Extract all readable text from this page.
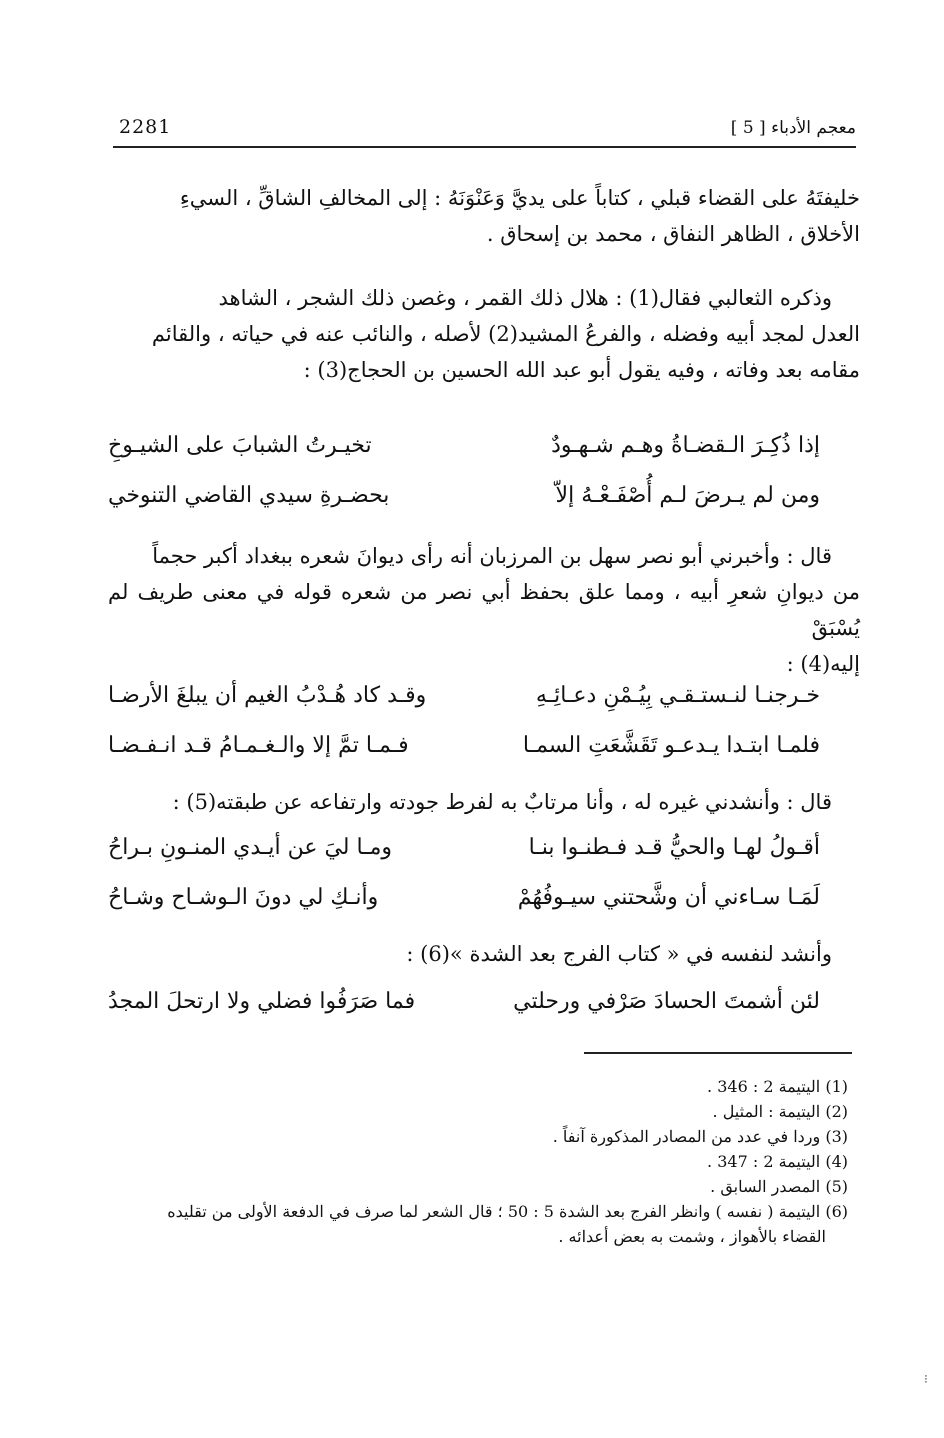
2281	معجم الأدباء [ 5 ]

خليفتَهُ على القضاء قبلي ، كتاباً على يديَّ وَعَنْوَنَهُ : إلى المخالفِ الشاقِّ ، السيءِ

الأخلاق ، الظاهر النفاق ، محمد بن إسحاق .

وذكره الثعالبي فقال(1) : هلال ذلك القمر ، وغصن ذلك الشجر ، الشاهد

العدل لمجد أبيه وفضله ، والفرعُ المشيد(2) لأصله ، والنائب عنه في حياته ، والقائم

مقامه بعد وفاته ، وفيه يقول أبو عبد الله الحسين بن الحجاج(3) :

إذا ذُكِـرَ الـقضـاةُ وهـم شـهـودٌ
تخيـرتُ الشبابَ على الشيـوخِ
ومن لم يـرضَ لـم أُصْفَـعْـهُ إلاّ
بحضـرةِ سيدي القاضي التنوخي

قال : وأخبرني أبو نصر سهل بن المرزبان أنه رأى ديوانَ شعره ببغداد أكبر حجماً

من ديوانِ شعرِ أبيه ، ومما علق بحفظ أبي نصر من شعره قوله في معنى طريف لم يُسْبَقْ

إليه(4) :

خـرجنـا لنـستـقـي بِيُـمْنِ دعـائِـهِ
وقـد كاد هُـدْبُ الغيم أن يبلغَ الأرضـا
فلمـا ابتـدا يـدعـو تَقَشَّعَتِ السمـا
فـمـا تمَّ إلا والـغـمـامُ قـد انـفـضـا

قال : وأنشدني غيره له ، وأنا مرتابٌ به لفرط جودته وارتفاعه عن طبقته(5) :

أقـولُ لهـا والحيُّ قـد فـطنـوا بنـا
ومـا ليَ عن أيـدي المنـونِ بـراحُ
لَمَـا سـاءني أن وشَّحتني سيـوفُهُمْ
وأنـكِ لي دونَ الـوشـاح وشـاحُ

وأنشد لنفسه في « كتاب الفرج بعد الشدة »(6) :

لئن أشمتَ الحسادَ صَرْفي ورحلتي
فما صَرَفُوا فضلي ولا ارتحلَ المجدُ

(1) اليتيمة 2 : 346 .

(2) اليتيمة : المثيل .

(3) وردا في عدد من المصادر المذكورة آنفاً .

(4) اليتيمة 2 : 347 .

(5) المصدر السابق .

(6) اليتيمة ( نفسه ) وانظر الفرج بعد الشدة 5 : 50 ؛ قال الشعر لما صرف في الدفعة الأولى من تقليده

القضاء بالأهواز ، وشمت به بعض أعدائه .

⁝
